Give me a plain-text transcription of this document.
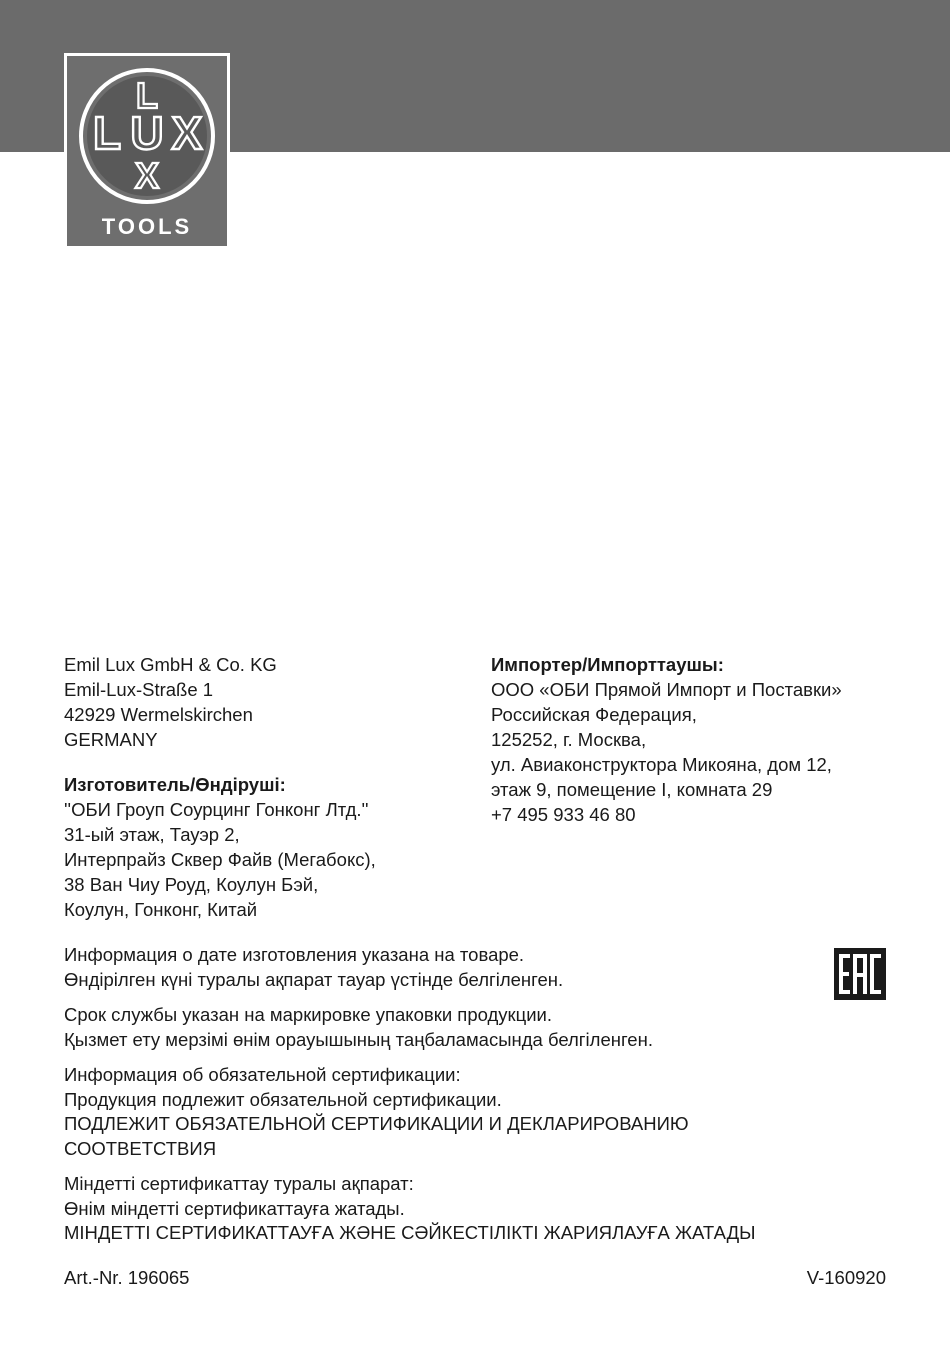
L
U
L X
X
TOOLS
Emil Lux GmbH & Co. KG
Emil-Lux-Straße 1
42929 Wermelskirchen
GERMANY
Изготовитель/Өндіруші:
''ОБИ Гроуп Соурцинг Гонконг Лтд.''
31-ый этаж, Тауэр 2,
Интерпрайз Сквер Файв (Мегабокс),
38 Ван Чиу Роуд, Коулун Бэй,
Коулун, Гонконг, Китай
Импортер/Импорттаушы:
ООО «ОБИ Прямой Импорт и Поставки»
Российская Федерация,
125252, г. Москва,
ул. Авиаконструктора Микояна, дом 12,
этаж 9, помещение I, комната 29
+7 495 933 46 80
Информация о дате изготовления указана на товаре.
Өндірілген күні туралы ақпарат тауар үстінде белгіленген.
Срок службы указан на маркировке упаковки продукции.
Қызмет ету мерзімі өнім орауышының таңбаламасында белгіленген.
Информация об обязательной сертификации:
Продукция подлежит обязательной сертификации.
ПОДЛЕЖИТ ОБЯЗАТЕЛЬНОЙ СЕРТИФИКАЦИИ И ДЕКЛАРИРОВАНИЮ
СООТВЕТСТВИЯ
Міндетті сертификаттау туралы ақпарат:
Өнім міндетті сертификаттауға жатады.
МІНДЕТТІ СЕРТИФИКАТТАУҒА ЖӘНЕ СӘЙКЕСТІЛІКТІ ЖАРИЯЛАУҒА ЖАТАДЫ
Art.-Nr. 196065	V-160920
